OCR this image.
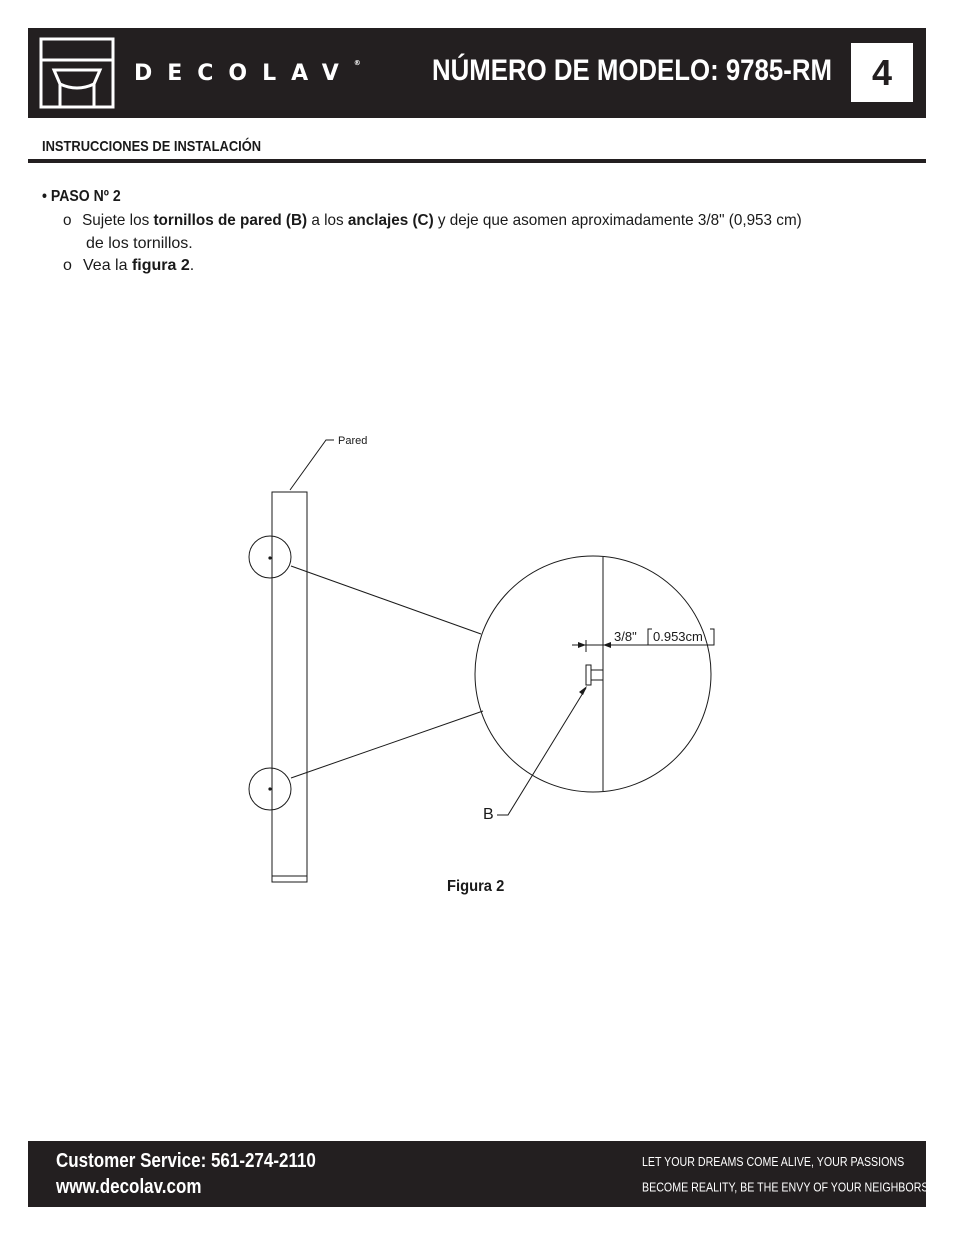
DECOLAV® NÚMERO DE MODELO: 9785-RM	4
INSTRUCCIONES DE INSTALACIÓN
• PASO Nº 2
o Sujete los tornillos de pared (B) a los anclajes (C) y deje que asomen aproximadamente 3/8" (0,953 cm)
de los tornillos.
o Vea la figura 2.
Pared
3/8" 0.953cm
B
Figura 2
Customer Service: 561-274-2110
www.decolav.com
LET YOUR DREAMS COME ALIVE, YOUR PASSIONS
BECOME REALITY, BE THE ENVY OF YOUR NEIGHBORS®
